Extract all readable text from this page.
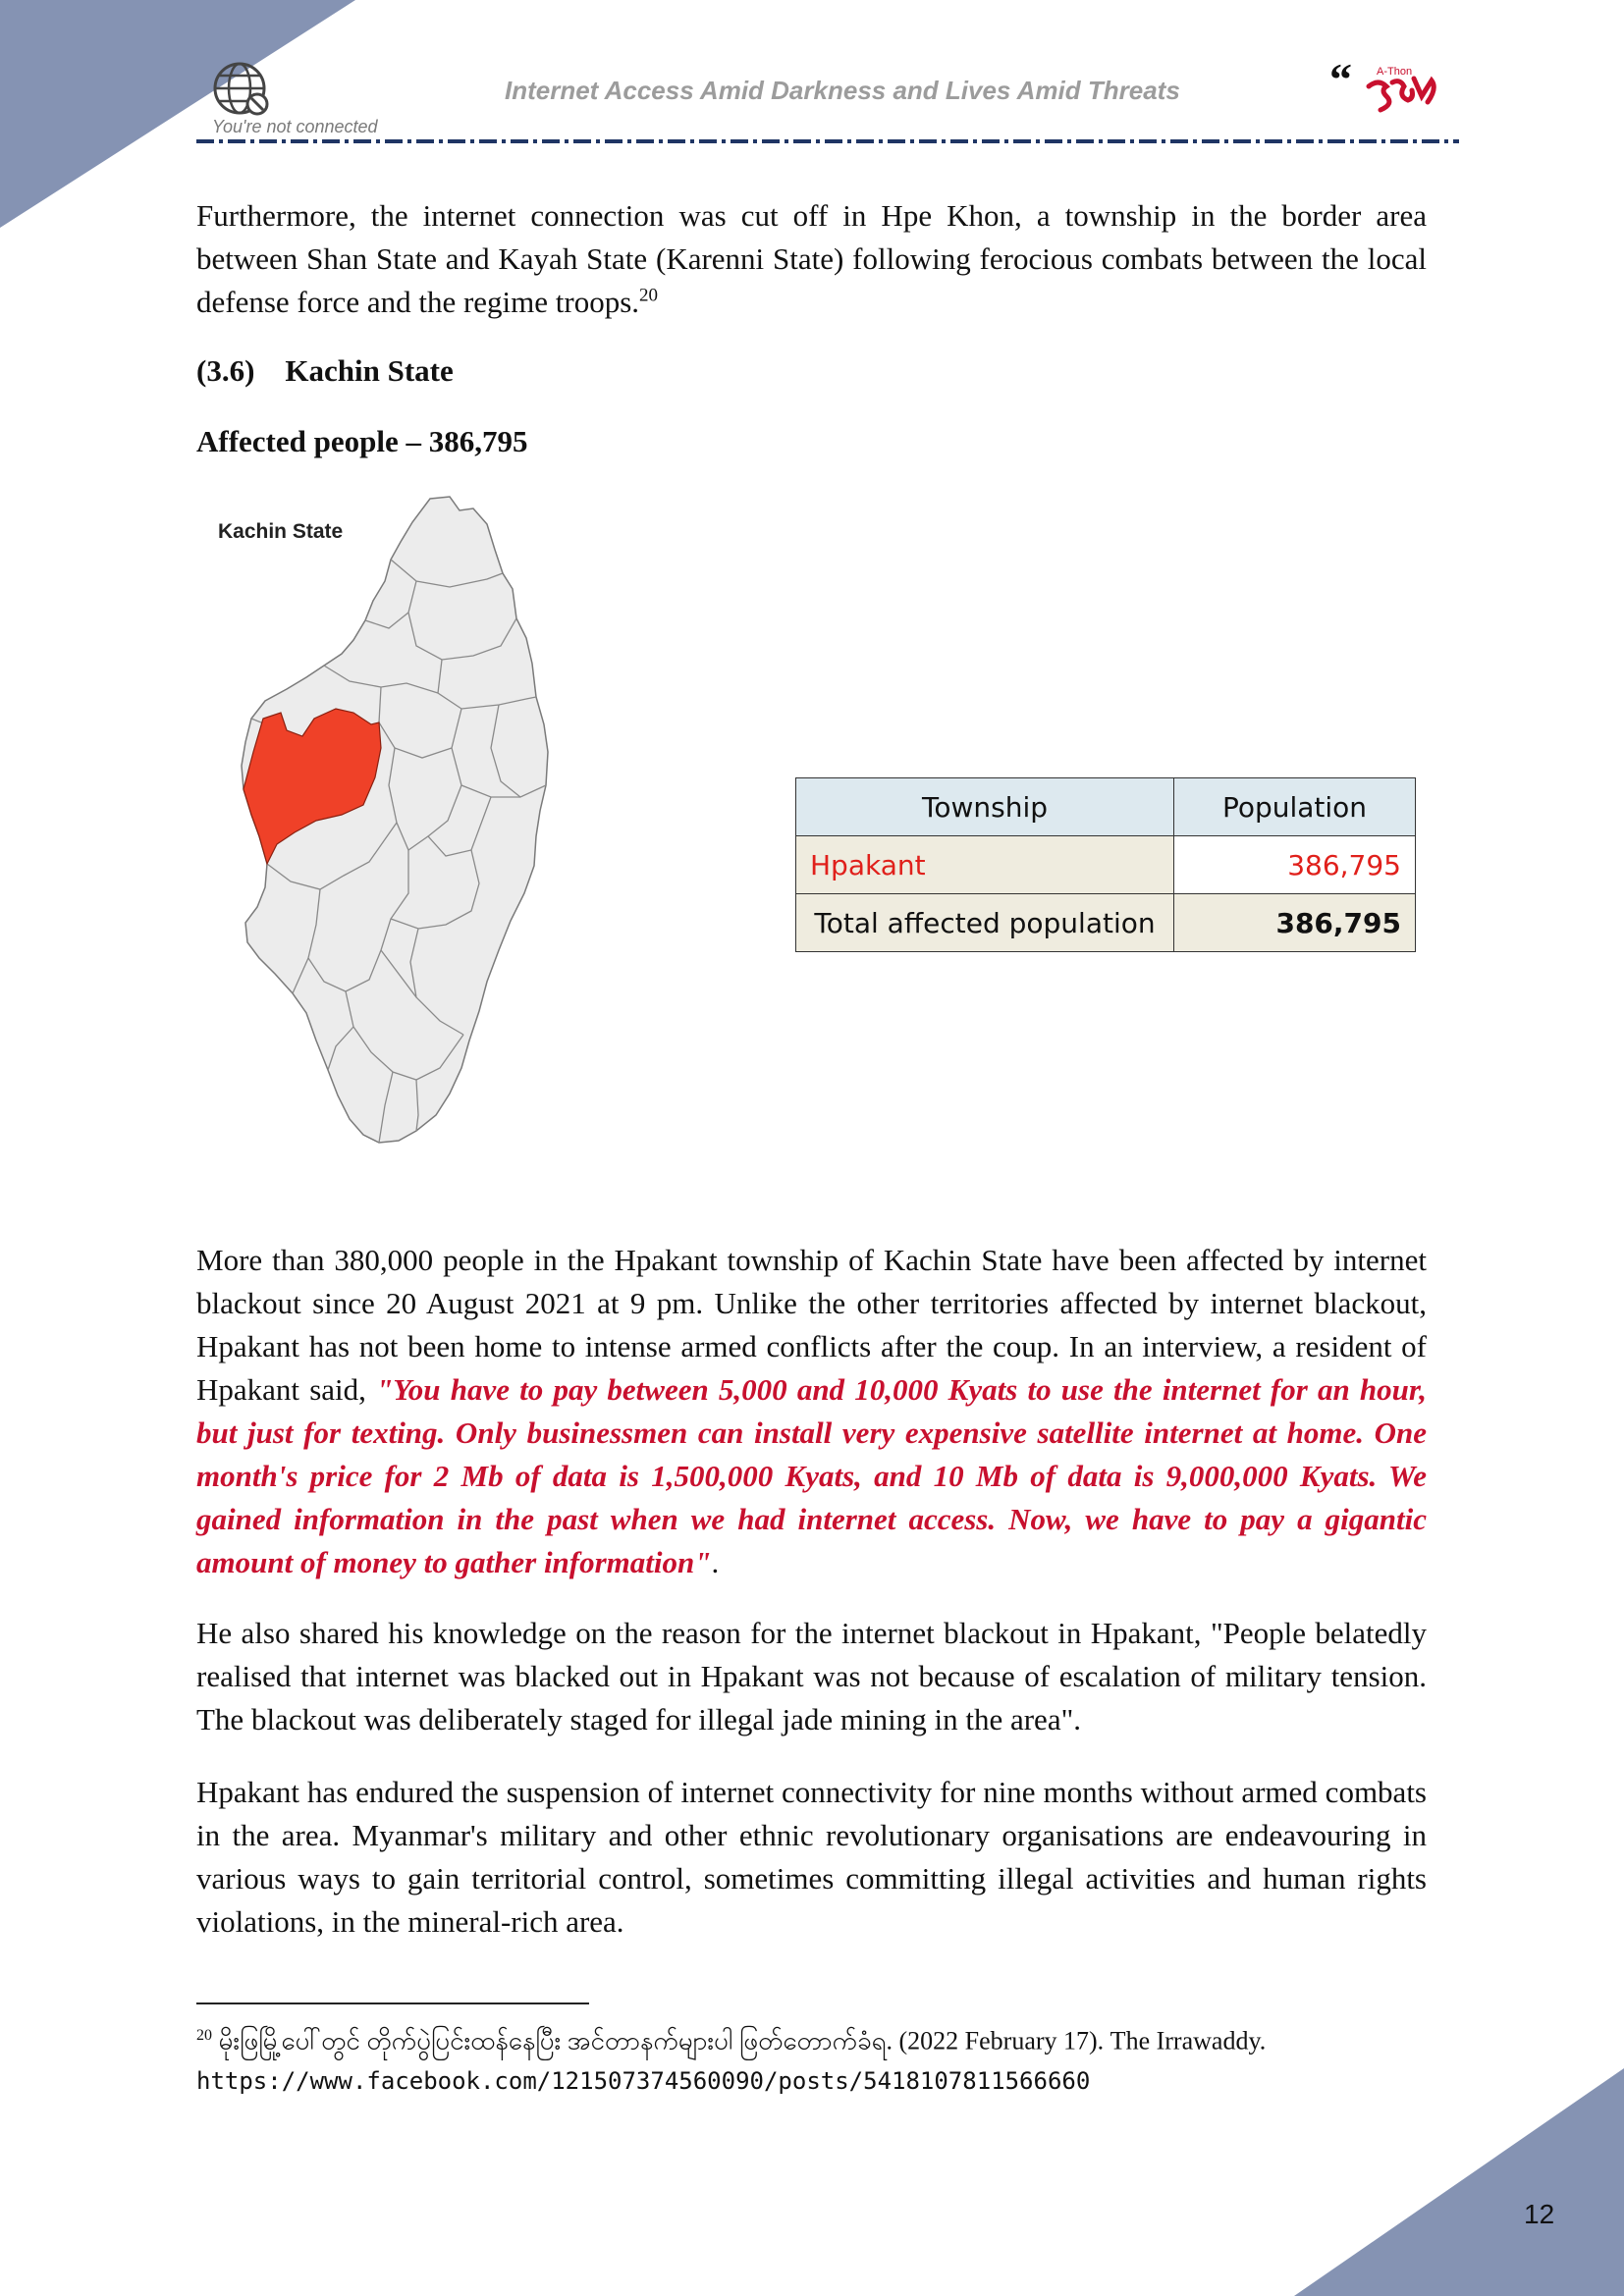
You're not connected
Internet Access Amid Darkness and Lives Amid Threats	“ A-Thon

Furthermore, the internet connection was cut off in Hpe Khon, a township in the border area between Shan State and Kayah State (Karenni State) following ferocious combats between the local defense force and the regime troops.$^{20}$

(3.6) Kachin State
Affected people – 386,795
Kachin State
Township	Population
Hpakant	386,795
Total affected population	386,795

More than 380,000 people in the Hpakant township of Kachin State have been affected by internet blackout since 20 August 2021 at 9 pm. Unlike the other territories affected by internet blackout, Hpakant has not been home to intense armed conflicts after the coup. In an interview, a resident of Hpakant said, "You have to pay between 5,000 and 10,000 Kyats to use the internet for an hour, but just for texting. Only businessmen can install very expensive satellite internet at home. One month's price for 2 Mb of data is 1,500,000 Kyats, and 10 Mb of data is 9,000,000 Kyats. We gained information in the past when we had internet access. Now, we have to pay a gigantic amount of money to gather information".

He also shared his knowledge on the reason for the internet blackout in Hpakant, "People belatedly realised that internet was blacked out in Hpakant was not because of escalation of military tension. The blackout was deliberately staged for illegal jade mining in the area".

Hpakant has endured the suspension of internet connectivity for nine months without armed combats in the area. Myanmar's military and other ethnic revolutionary organisations are endeavouring in various ways to gain territorial control, sometimes committing illegal activities and human rights violations, in the mineral-rich area.

$^{20}$ မိုးဖြမြို့ပေါ်တွင် တိုက်ပွဲပြင်းထန်နေပြီး အင်တာနက်များပါ ဖြတ်တောက်ခံရ. (2022 February 17). The Irrawaddy.
https://www.facebook.com/121507374560090/posts/5418107811566660
12
